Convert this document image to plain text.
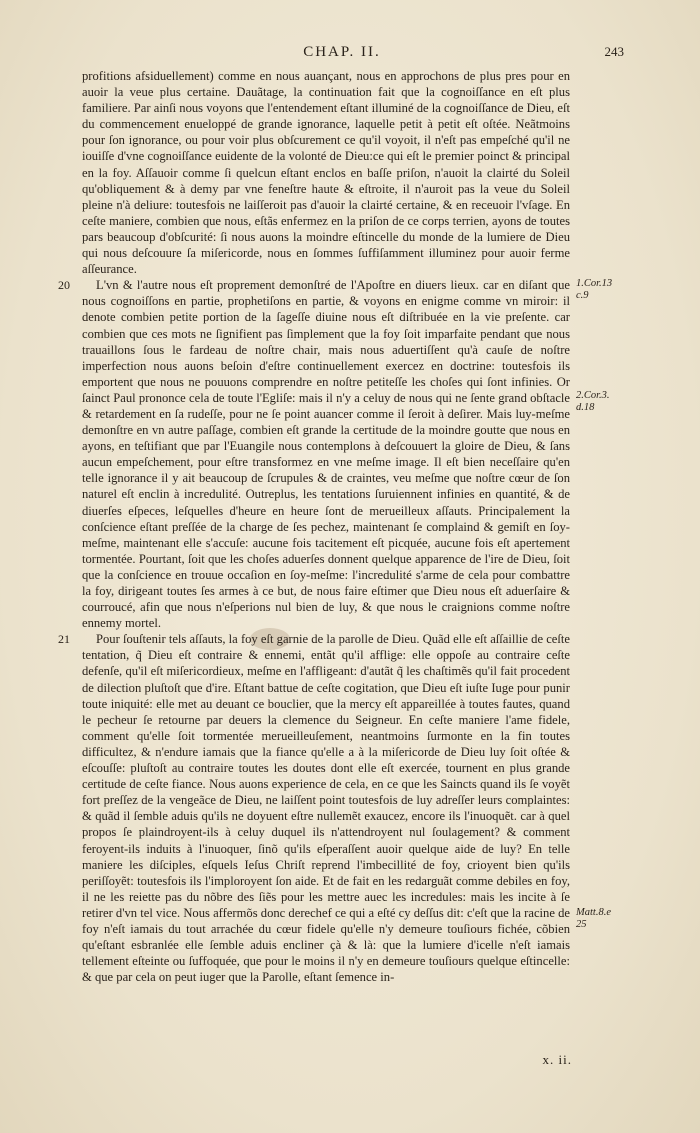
CHAP. II.	243

profitions afsiduellement) comme en nous auançant, nous en approchons de plus pres pour en auoir la veue plus certaine. Dauãtage, la continuation fait que la cognoiſſance en eſt plus familiere. Par ainſi nous voyons que l'entendement eſtant illuminé de la cognoiſſance de Dieu, eſt du commencement enueloppé de grande ignorance, laquelle petit à petit eſt oſtée. Neãtmoins pour ſon ignorance, ou pour voir plus obſcurement ce qu'il voyoit, il n'eſt pas empeſché qu'il ne iouiſſe d'vne cognoiſſance euidente de la volonté de Dieu:ce qui eſt le premier poinct & principal en la foy. Aſſauoir comme ſi quelcun eſtant enclos en baſſe priſon, n'auoit la clairté du Soleil qu'obliquement & à demy par vne feneſtre haute & eſtroite, il n'auroit pas la veue du Soleil pleine n'à deliure: toutesfois ne laiſſeroit pas d'auoir la clairté certaine, & en receuoir l'vſage. En ceſte maniere, combien que nous, eſtãs enfermez en la priſon de ce corps terrien, ayons de toutes pars beaucoup d'obſcurité: ſi nous auons la moindre eſtincelle du monde de la lumiere de Dieu qui nous deſcouure ſa miſericorde, nous en ſommes ſuffiſamment illuminez pour auoir ferme aſſeurance.

20	L'vn & l'autre nous eſt proprement demonſtré de l'Apoſtre en diuers lieux. car en diſant que nous cognoiſſons en partie, prophetiſons en partie, & voyons en enigme comme vn miroir: il denote combien petite portion de la ſageſſe diuine nous eſt diſtribuée en la vie preſente. car combien que ces mots ne ſignifient pas ſimplement que la foy ſoit imparfaite pendant que nous trauaillons ſous le fardeau de noſtre chair, mais nous aduertiſſent qu'à cauſe de noſtre imperfection nous auons beſoin d'eſtre continuellement exercez en doctrine: toutesfois ils emportent que nous ne pouuons comprendre en noſtre petiteſſe les choſes qui ſont infinies. Or ſainct Paul prononce cela de toute l'Egliſe: mais il n'y a celuy de nous qui ne ſente grand obſtacle & retardement en ſa rudeſſe, pour ne ſe point auancer comme il ſeroit à deſirer. Mais luy-meſme demonſtre en vn autre paſſage, combien eſt grande la certitude de la moindre goutte que nous en ayons, en teſtifiant que par l'Euangile nous contemplons à deſcouuert la gloire de Dieu, & ſans aucun empeſchement, pour eſtre transformez en vne meſme image. Il eſt bien neceſſaire qu'en telle ignorance il y ait beaucoup de ſcrupules & de craintes, veu meſme que noſtre cœur de ſon naturel eſt enclin à incredulité. Outreplus, les tentations ſuruiennent infinies en quantité, & de diuerſes eſpeces, leſquelles d'heure en heure ſont de merueilleux aſſauts. Principalement la conſcience eſtant preſſée de la charge de ſes pechez, maintenant ſe complaind & gemiſt en ſoy-meſme, maintenant elle s'accuſe: aucune fois tacitement eſt picquée, aucune fois eſt apertement tormentée. Pourtant, ſoit que les choſes aduerſes donnent quelque apparence de l'ire de Dieu, ſoit que la conſcience en trouue occaſion en ſoy-meſme: l'incredulité s'arme de cela pour combattre la foy, dirigeant toutes ſes armes à ce but, de nous faire eſtimer que Dieu nous eſt aduerſaire & courroucé, afin que nous n'eſperions nul bien de luy, & que nous le craignions comme noſtre ennemy mortel.

21	Pour ſouſtenir tels aſſauts, la foy eſt garnie de la parolle de Dieu. Quãd elle eſt aſſaillie de ceſte tentation, q̃ Dieu eſt contraire & ennemi, entãt qu'il afflige: elle oppoſe au contraire ceſte defenſe, qu'il eſt miſericordieux, meſme en l'affligeant: d'autãt q̃ les chaſtimẽs qu'il fait procedent de dilection pluſtoſt que d'ire. Eſtant battue de ceſte cogitation, que Dieu eſt iuſte Iuge pour punir toute iniquité: elle met au deuant ce bouclier, que la mercy eſt appareillée à toutes fautes, quand le pecheur ſe retourne par deuers la clemence du Seigneur. En ceſte maniere l'ame fidele, comment qu'elle ſoit tormentée merueilleuſement, neantmoins ſurmonte en la fin toutes difficultez, & n'endure iamais que la fiance qu'elle a à la miſericorde de Dieu luy ſoit oſtée & eſcouſſe: pluſtoſt au contraire toutes les doutes dont elle eſt exercée, tournent en plus grande certitude de ceſte fiance. Nous auons experience de cela, en ce que les Saincts quand ils ſe voyẽt fort preſſez de la vengeãce de Dieu, ne laiſſent point toutesfois de luy adreſſer leurs complaintes: & quãd il ſemble aduis qu'ils ne doyuent eſtre nullemẽt exaucez, encore ils l'inuoquẽt. car à quel propos ſe plaindroyent-ils à celuy duquel ils n'attendroyent nul ſoulagement? & comment feroyent-ils induits à l'inuoquer, ſinõ qu'ils eſperaſſent auoir quelque aide de luy? En telle maniere les diſciples, eſquels Ieſus Chriſt reprend l'imbecillité de foy, crioyent bien qu'ils periſſoyẽt: toutesfois ils l'imploroyent ſon aide. Et de fait en les redarguãt comme debiles en foy, il ne les reiette pas du nõbre des ſiẽs pour les mettre auec les incredules: mais les incite à ſe retirer d'vn tel vice. Nous affermõs donc derechef ce qui a eſté cy deſſus dit: c'eſt que la racine de foy n'eſt iamais du tout arrachée du cœur fidele qu'elle n'y demeure touſiours fichée, cõbien qu'eſtant esbranlée elle ſemble aduis encliner çà & là: que la lumiere d'icelle n'eſt iamais tellement eſteinte ou ſuffoquée, que pour le moins il n'y en demeure touſiours quelque eſtincelle: & que par cela on peut iuger que la Parolle, eſtant ſemence in-

1.Cor.13
c.9
2.Cor.3.
d.18
Matt.8.e
25
x. ii.
